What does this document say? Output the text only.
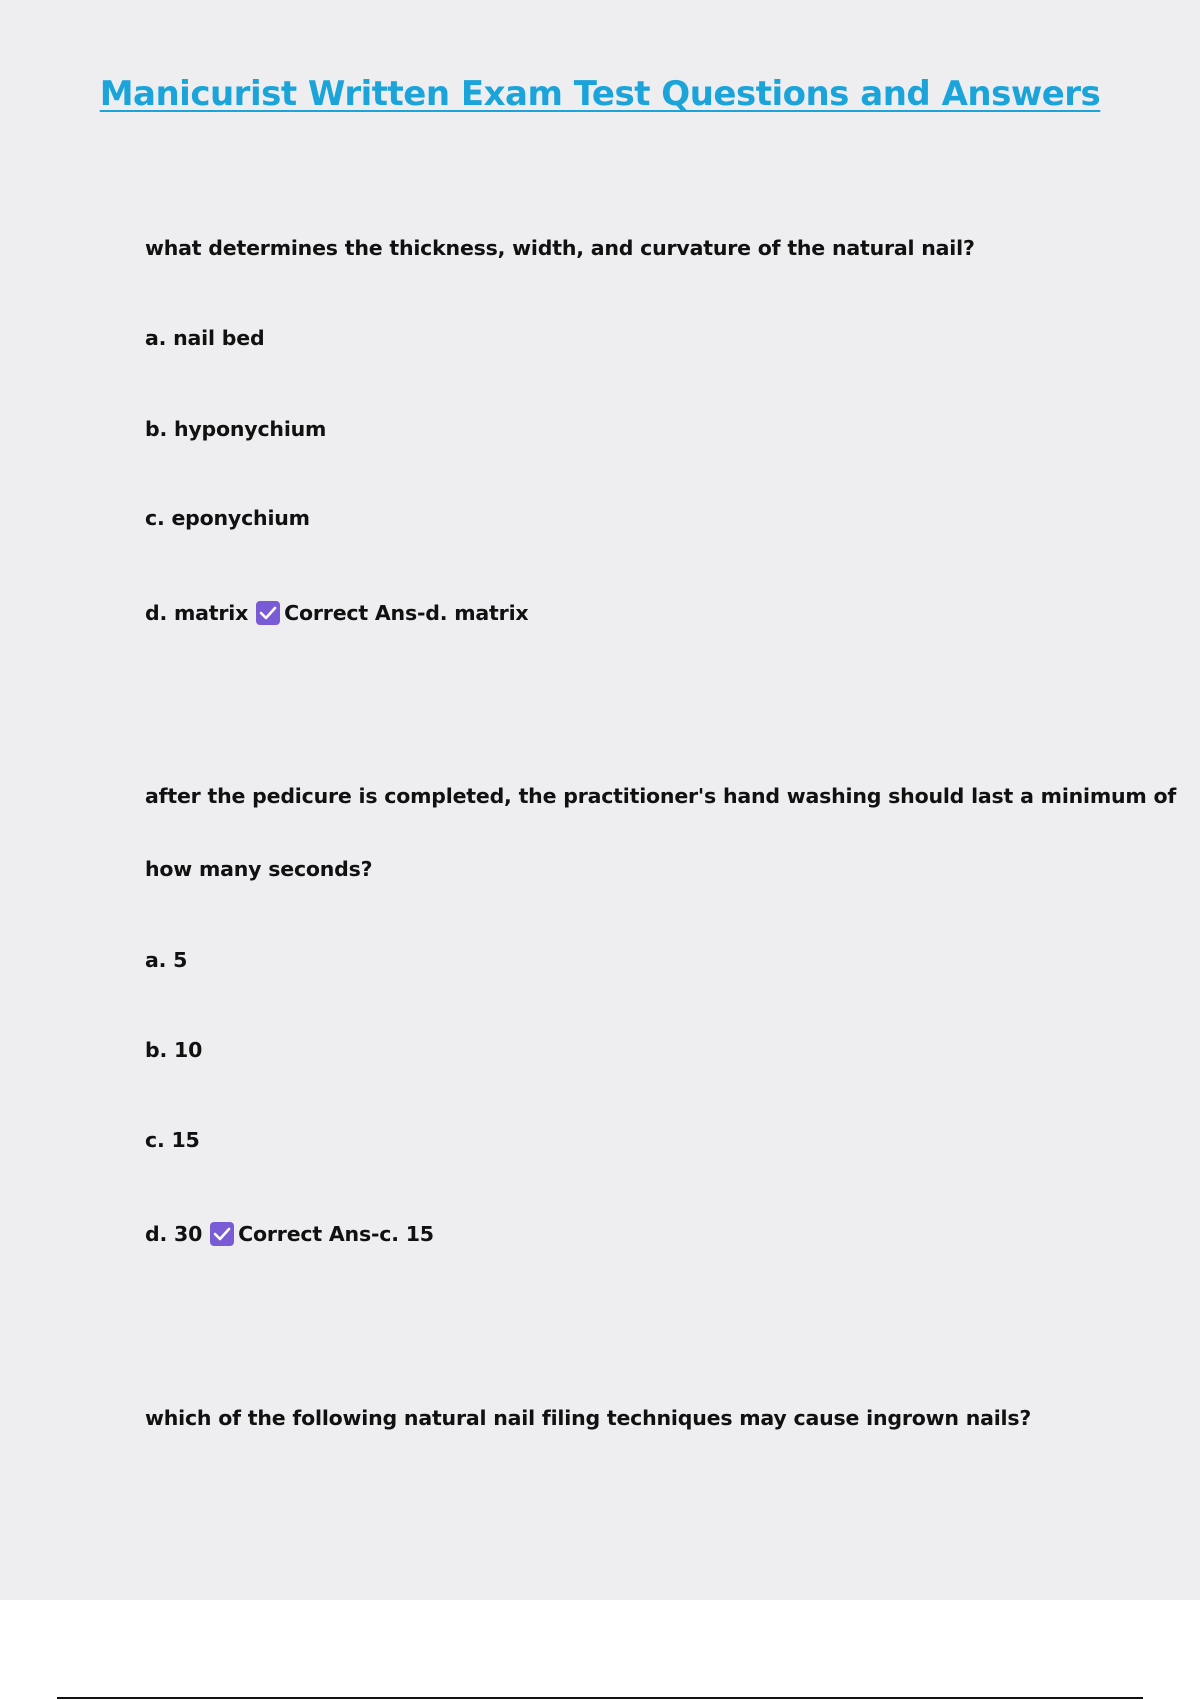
Manicurist Written Exam Test Questions and Answers
what determines the thickness, width, and curvature of the natural nail?
a. nail bed
b. hyponychium
c. eponychium
d. matrix Correct Ans-d. matrix
after the pedicure is completed, the practitioner's hand washing should last a minimum of
how many seconds?
a. 5
b. 10
c. 15
d. 30 Correct Ans-c. 15
which of the following natural nail filing techniques may cause ingrown nails?
